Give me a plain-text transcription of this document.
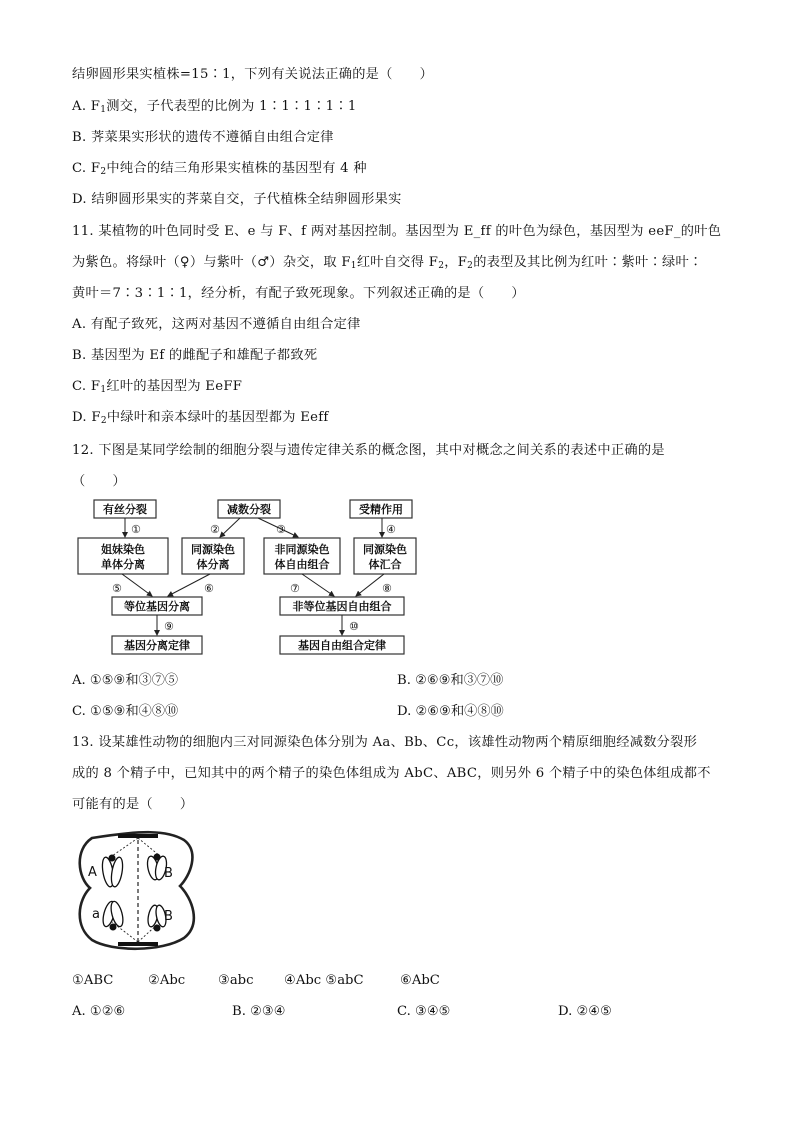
结卵圆形果实植株=15∶1，下列有关说法正确的是（　　）
A. $F_1$测交，子代表型的比例为 1∶1∶1∶1∶1
B. 荠菜果实形状的遗传不遵循自由组合定律
C. $F_2$中纯合的结三角形果实植株的基因型有 4 种
D. 结卵圆形果实的荠菜自交，子代植株全结卵圆形果实
11. 某植物的叶色同时受 E、e 与 F、f 两对基因控制。基因型为 E_ff 的叶色为绿色，基因型为 eeF_的叶色
为紫色。将绿叶（♀）与紫叶（♂）杂交，取 $F_1$红叶自交得 $F_2$，$F_2$的表型及其比例为红叶∶紫叶∶绿叶∶
黄叶＝7∶3∶1∶1，经分析，有配子致死现象。下列叙述正确的是（　　）
A. 有配子致死，这两对基因不遵循自由组合定律
B. 基因型为 Ef 的雌配子和雄配子都致死
C. $F_1$红叶的基因型为 EeFF
D. $F_2$中绿叶和亲本绿叶的基因型都为 Eeff
12. 下图是某同学绘制的细胞分裂与遗传定律关系的概念图，其中对概念之间关系的表述中正确的是
（　　）
有丝分裂	减数分裂	受精作用
姐妹染色
单体分离
同源染色
体分离
非同源染色
体自由组合
同源染色
体汇合
等位基因分离	非等位基因自由组合
基因分离定律	基因自由组合定律
①	②	③	④
⑤	⑥	⑦	⑧
⑨	⑩
A. ①⑤⑨和③⑦⑤	B. ②⑥⑨和③⑦⑩
C. ①⑤⑨和④⑧⑩	D. ②⑥⑨和④⑧⑩
13. 设某雄性动物的细胞内三对同源染色体分别为 Aa、Bb、Cc，该雄性动物两个精原细胞经减数分裂形
成的 8 个精子中，已知其中的两个精子的染色体组成为 AbC、ABC，则另外 6 个精子中的染色体组成都不
可能有的是（　　）
A	B
a	B
①ABC	②Abc ③abc ④Abc ⑤abC	⑥AbC
A. ①②⑥	B. ②③④	C. ③④⑤	D. ②④⑤
